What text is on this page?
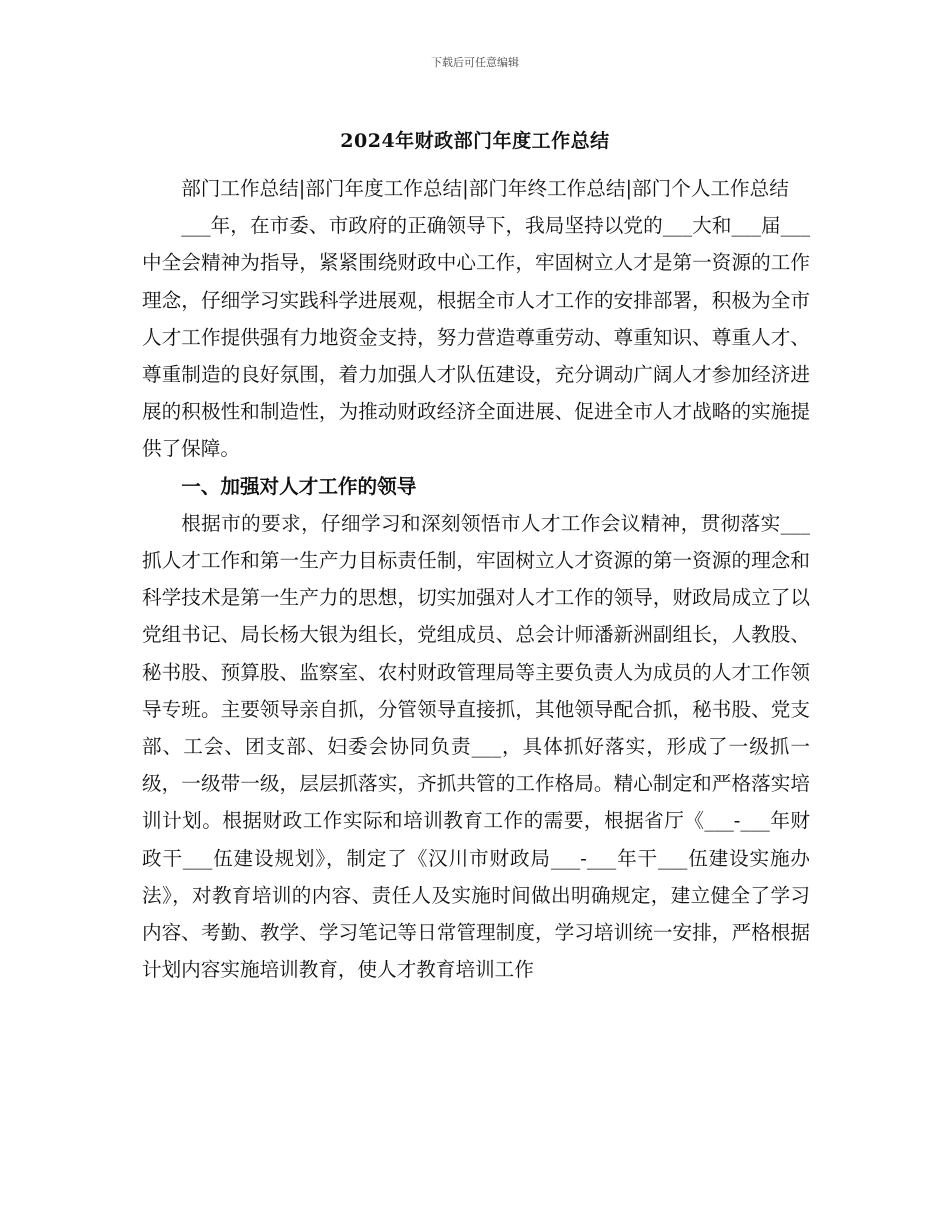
下载后可任意编辑
2024年财政部门年度工作总结

部门工作总结|部门年度工作总结|部门年终工作总结|部门个人工作总结

___年，在市委、市政府的正确领导下，我局坚持以党的___大和___届___中全会精神为指导，紧紧围绕财政中心工作，牢固树立人才是第一资源的工作理念，仔细学习实践科学进展观，根据全市人才工作的安排部署，积极为全市人才工作提供强有力地资金支持，努力营造尊重劳动、尊重知识、尊重人才、尊重制造的良好氛围，着力加强人才队伍建设，充分调动广阔人才参加经济进展的积极性和制造性，为推动财政经济全面进展、促进全市人才战略的实施提供了保障。

一、加强对人才工作的领导

根据市的要求，仔细学习和深刻领悟市人才工作会议精神，贯彻落实___抓人才工作和第一生产力目标责任制，牢固树立人才资源的第一资源的理念和科学技术是第一生产力的思想，切实加强对人才工作的领导，财政局成立了以党组书记、局长杨大银为组长，党组成员、总会计师潘新洲副组长，人教股、秘书股、预算股、监察室、农村财政管理局等主要负责人为成员的人才工作领导专班。主要领导亲自抓，分管领导直接抓，其他领导配合抓，秘书股、党支部、工会、团支部、妇委会协同负责___，具体抓好落实，形成了一级抓一级，一级带一级，层层抓落实，齐抓共管的工作格局。精心制定和严格落实培训计划。根据财政工作实际和培训教育工作的需要，根据省厅《___-___年财政干___伍建设规划》，制定了《汉川市财政局___-___年干___伍建设实施办法》，对教育培训的内容、责任人及实施时间做出明确规定，建立健全了学习内容、考勤、教学、学习笔记等日常管理制度，学习培训统一安排，严格根据计划内容实施培训教育，使人才教育培训工作
